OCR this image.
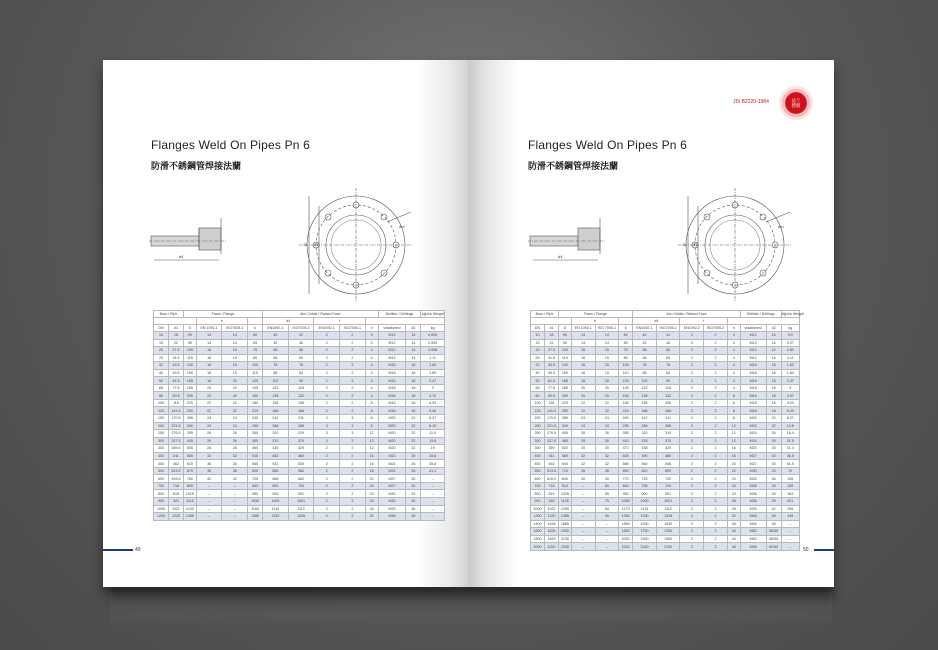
Flanges Weld On Pipes Pn 6
防滑不銹鋼管焊接法蘭
d4
D d1
dm
Boru / Pipe		Flans / Flange				Alın Ciddis / Raised Face					Delikler / Drillings		Ağırlık Weight
			b			d4		f					
DN	d1	D	EN 1092-1	ISO7005-1	k	EN1092-1	ISO7005-1	EN1092-1	ISO7005-1	n	vidalbüresi	d2	kg
10	18	90	14	14	60	40	41	2	2	4	M12	14	0.005
15	22	95	14	14	65	45	46	2	2	4	M12	14	0.059
20	27.5	105	16	15	75	58	56	2	2	4	M12	14	0.098
25	34.5	115	16	15	85	68	65	2	2	4	M12	14	1.11
32	43.5	140	16	15	100	78	76	2	2	4	M16	18	1.62
40	49.5	150	16	15	110	88	84	2	2	4	M16	18	1.80
50	61.5	165	16	20	125	102	99	2	2	4	M16	18	2.47
65	77.5	185	20	20	145	122	118	2	2	4	M16	18	3
80	90.5	200	20	20	160	138	132	2	2	4	M16	18	3.70
100	116	220	22	22	180	158	156	2	2	8	M16	18	4.03
125	141.5	250	22	22	210	188	184	2	2	8	M16	18	5.40
150	170.5	285	24	24	240	212	211	3	3	8	M20	22	6.37
200	221.5	340	24	24	295	268	266	3	3	8	M20	22	8.10
250	276.5	395	26	26	350	320	319	3	3	12	M20	22	11.9
300	327.5	445	26	26	400	370	370	3	3	12	M20	22	13.6
350	359.5	505	26	26	460	430	429	2	2	12	M20	22	19
400	411	565	32	32	515	482	480	2	2	16	M20	26	25.8
450	462	615	36	35	565	532	530	2	2	16	M24	26	35.8
500	513.5	670	38	36	620	585	582	2	2	16	M24	26	41.1
600	616.5	780	42	42	725	685	682	2	2	20	M27	30	--
700	718	895	--	--	840	800	794	2	2	24	M27	30	--
800	818	1015	--	--	950	905	901	2	2	24	M30	33	--
900	920	1115	--	--	1050	1005	1001	2	2	24	M30	33	--
1000	1022	1230	--	--	1160	1110	1112	2	2	28	M33	36	--
1200	1220	1455	--	--	1380	1330	1328	2	2	32	M36	39	--
49
JIS B2220-1984	法兰
標板
Flanges Weld On Pipes Pn 6
防滑不銹鋼管焊接法蘭
d4
D d1
dm
Boru / Pipe		Flans / Flange				Alın Ciddis / Raised Face					Delikler / Drillings		Ağırlık Weight
			b			d4		f					
DN	d1	D	EN 1092-1	ISO 7005-1	k	EN1092-1	ISO7005-1	EN1092-2	ISO7005-2	n	vidalbüresi	d2	kg
10	18	90	14	14	60	40	41	2	2	4	M12	14	0.0
15	22	95	14	14	65	45	46	2	2	4	M12	14	0.07
20	27.5	105	16	15	75	58	56	2	2	4	M12	14	0.84
25	31.5	115	16	15	85	68	65	2	2	4	M12	14	1.11
32	43.5	140	16	15	100	78	76	2	2	4	M16	18	1.62
40	49.5	150	16	15	110	88	84	2	2	4	M16	18	1.80
50	61.5	165	16	20	125	102	99	2	2	4	M16	18	2.47
65	77.5	185	20	20	145	122	118	2	2	4	M16	18	3
80	90.5	200	20	20	160	138	132	2	2	8	M16	18	3.97
100	116	220	22	22	180	158	156	2	2	8	M16	18	4.03
125	141.5	250	22	22	210	188	184	2	2	8	M16	18	5.40
150	170.5	285	24	24	240	212	211	2	2	8	M20	22	6.37
200	221.5	340	24	24	295	268	266	2	2	12	M24	22	10.6
250	276.5	405	26	26	355	320	319	2	2	12	M24	26	16.4
300	327.5	460	28	28	410	378	370	2	2	12	M24	26	21.5
350	359	520	30	30	470	438	429	2	2	16	M24	26	31.4
400	411	580	32	32	525	490	480	2	2	16	M27	30	36.5
450	462	640	32	32	585	550	548	2	2	20	M27	30	51.5
500	513.5	715	36	36	650	610	609	2	2	20	M30	33	70
600	616.5	840	40	40	770	725	720	2	2	20	M33	36	106
700	718	910	--	50	840	795	794	2	2	24	M36	39	155
800	819	1025	--	55	950	900	901	2	2	24	M36	39	163
900	920	1125	--	75	1050	1000	1001	2	2	28	M36	39	201
1000	1022	1255	--	84	1170	1115	1112	2	2	28	M39	42	255
1200	1220	1485	--	90	1390	1330	1328	2	2	32	M45	48	445
1400	1426	1685	--	--	1590	1530	1530	2	2	36	M45	48	--
1600	1626	1930	--	--	1820	1750	1750	2	2	40	M52	56/55	--
1800	1829	2130	--	--	2020	1950	1950	2	2	44	M52	56/55	--
2000	2030	2345	--	--	2230	2150	2150	2	2	48	M56	62/60	--
50
